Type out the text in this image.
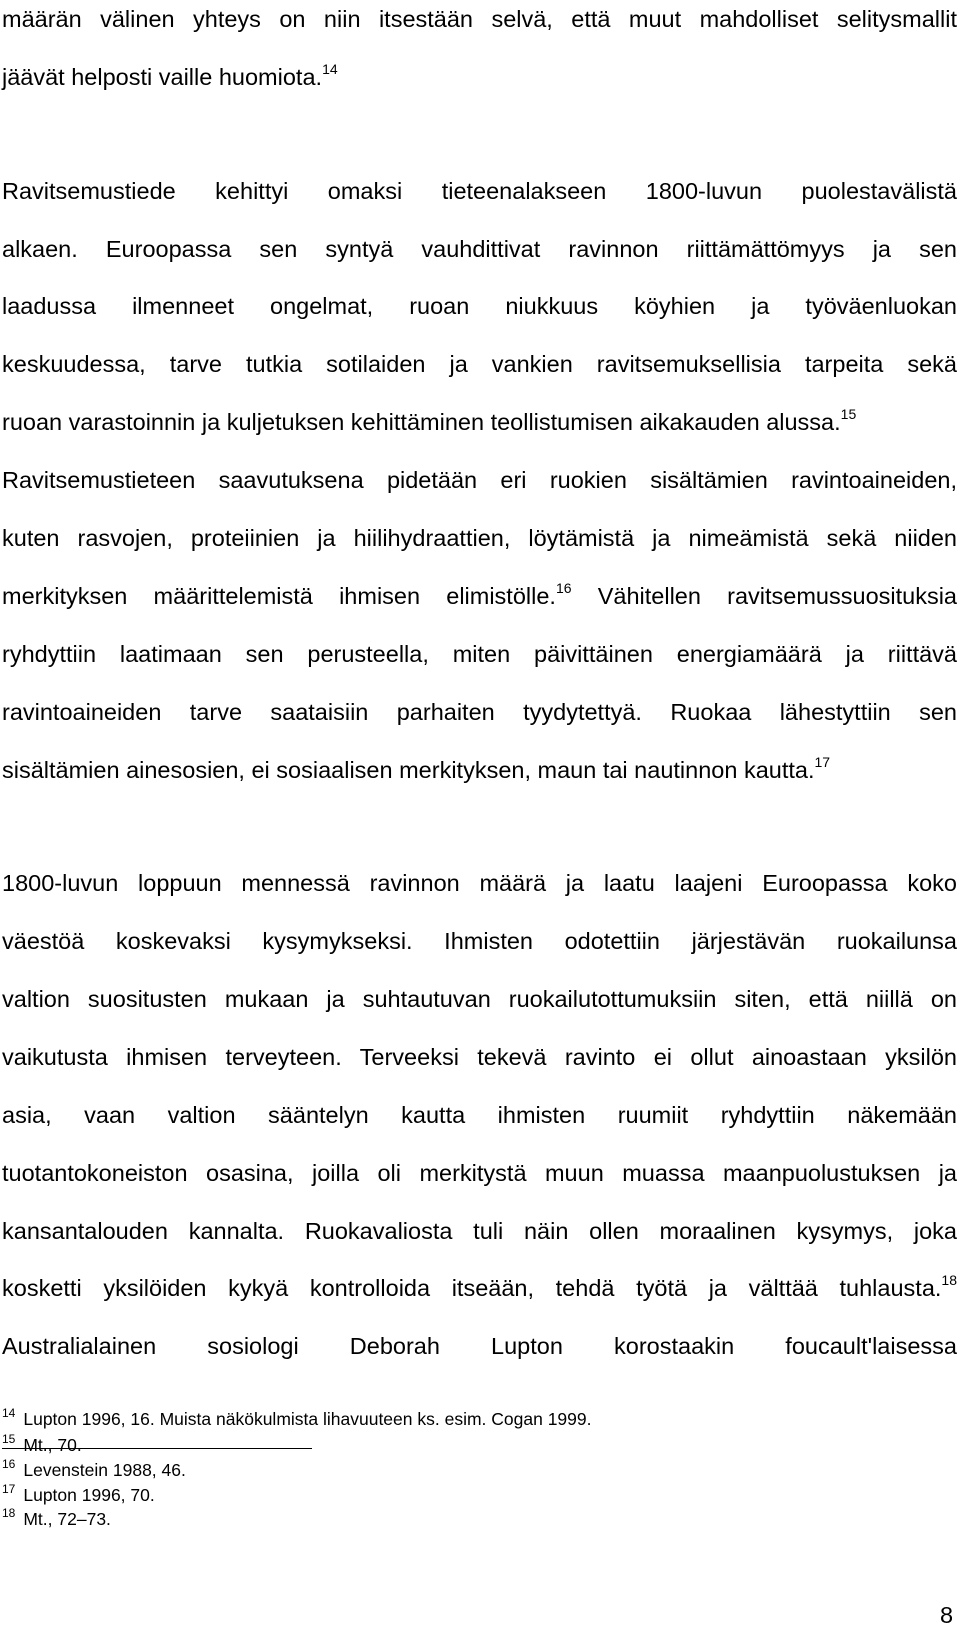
määrän välinen yhteys on niin itsestään selvä, että muut mahdolliset selitysmallit
jäävät helposti vaille huomiota.$^{14}$
Ravitsemustiede kehittyi omaksi tieteenalakseen 1800-luvun puolestavälistä
alkaen. Euroopassa sen syntyä vauhdittivat ravinnon riittämättömyys ja sen
laadussa ilmenneet ongelmat, ruoan niukkuus köyhien ja työväenluokan
keskuudessa, tarve tutkia sotilaiden ja vankien ravitsemuksellisia tarpeita sekä
ruoan varastoinnin ja kuljetuksen kehittäminen teollistumisen aikakauden alussa.$^{15}$
Ravitsemustieteen saavutuksena pidetään eri ruokien sisältämien ravintoaineiden,
kuten rasvojen, proteiinien ja hiilihydraattien, löytämistä ja nimeämistä sekä niiden
merkityksen määrittelemistä ihmisen elimistölle.$^{16}$ Vähitellen ravitsemussuosituksia
ryhdyttiin laatimaan sen perusteella, miten päivittäinen energiamäärä ja riittävä
ravintoaineiden tarve saataisiin parhaiten tyydytettyä. Ruokaa lähestyttiin sen
sisältämien ainesosien, ei sosiaalisen merkityksen, maun tai nautinnon kautta.$^{17}$
1800-luvun loppuun mennessä ravinnon määrä ja laatu laajeni Euroopassa koko
väestöä koskevaksi kysymykseksi. Ihmisten odotettiin järjestävän ruokailunsa
valtion suositusten mukaan ja suhtautuvan ruokailutottumuksiin siten, että niillä on
vaikutusta ihmisen terveyteen. Terveeksi tekevä ravinto ei ollut ainoastaan yksilön
asia, vaan valtion sääntelyn kautta ihmisten ruumiit ryhdyttiin näkemään
tuotantokoneiston osasina, joilla oli merkitystä muun muassa maanpuolustuksen ja
kansantalouden kannalta. Ruokavaliosta tuli näin ollen moraalinen kysymys, joka
kosketti yksilöiden kykyä kontrolloida itseään, tehdä työtä ja välttää tuhlausta.$^{18}$
Australialainen sosiologi Deborah Lupton korostaakin foucault'laisessa
$^{14}$ Lupton 1996, 16. Muista näkökulmista lihavuuteen ks. esim. Cogan 1999.
$^{15}$ Mt., 70.
$^{16}$ Levenstein 1988, 46.
$^{17}$ Lupton 1996, 70.
$^{18}$ Mt., 72–73.
8
